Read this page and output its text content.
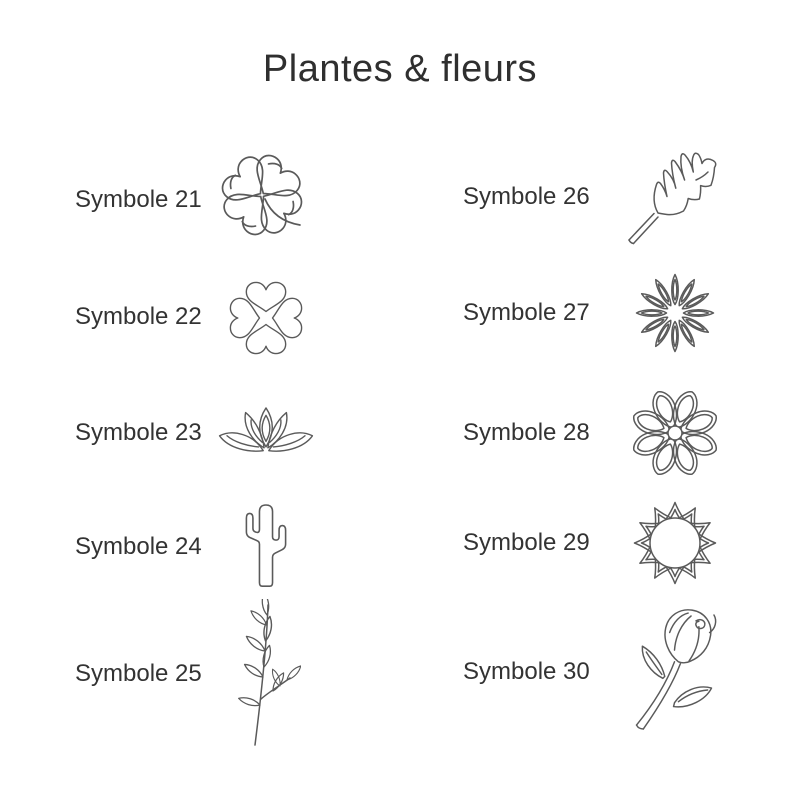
Plantes & fleurs
Symbole 21
Symbole 22
Symbole 23
Symbole 24
Symbole 25
Symbole 26
Symbole 27
Symbole 28
Symbole 29
Symbole 30
